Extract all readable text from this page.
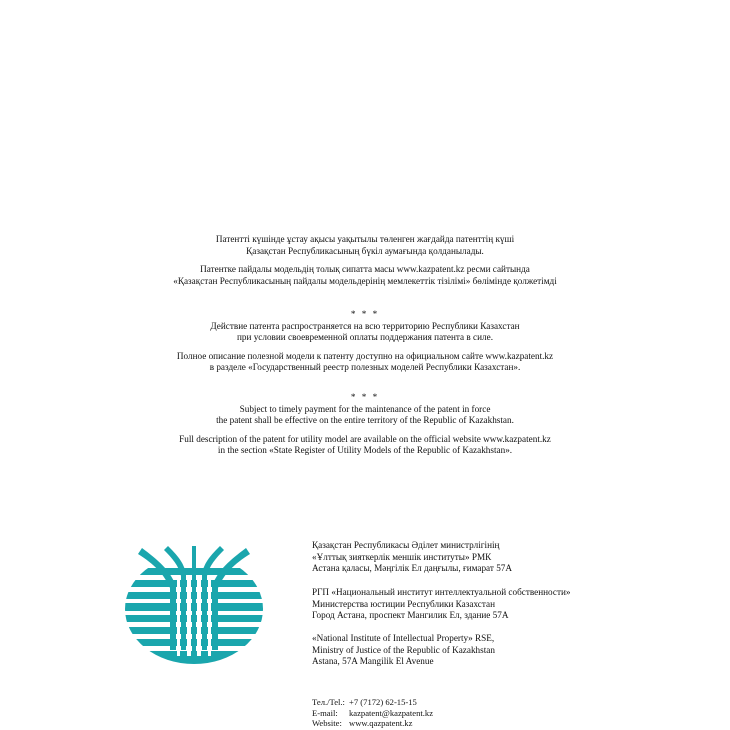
Патентті күшінде ұстау ақысы уақытылы төленген жағдайда патенттің күші

Қазақстан Республикасының бүкіл аумағында қолданылады.

Патентке пайдалы модельдің толық сипатта масы www.kazpatent.kz ресми сайтында

«Қазақстан Республикасының пайдалы модельдерінің мемлекеттік тізілімі» бөлімінде қолжетімді

* * *

Действие патента распространяется на всю территорию Республики Казахстан

при условии своевременной оплаты поддержания патента в силе.

Полное описание полезной модели к патенту доступно на официальном сайте www.kazpatent.kz

в разделе «Государственный реестр полезных моделей Республики Казахстан».

* * *

Subject to timely payment for the maintenance of the patent in force

the patent shall be effective on the entire territory of the Republic of Kazakhstan.

Full description of the patent for utility model are available on the official website www.kazpatent.kz

in the section «State Register of Utility Models of the Republic of Kazakhstan».

Қазақстан Республикасы Әділет министрлігінің

«Ұлттық зияткерлік меншік институты» РМК

Астана қаласы, Мәңгілік Ел даңғылы, ғимарат 57А

РГП «Национальный институт интеллектуальной собственности»

Министерства юстиции Республики Казахстан

Город Астана, проспект Мангилик Ел, здание 57А

«National Institute of Intellectual Property» RSE,

Ministry of Justice of the Republic of Kazakhstan

Astana, 57A Mangilik El Avenue

Тел./Tel.: +7 (7172) 62-15-15
E-mail:	kazpatent@kazpatent.kz
Website: www.qazpatent.kz
